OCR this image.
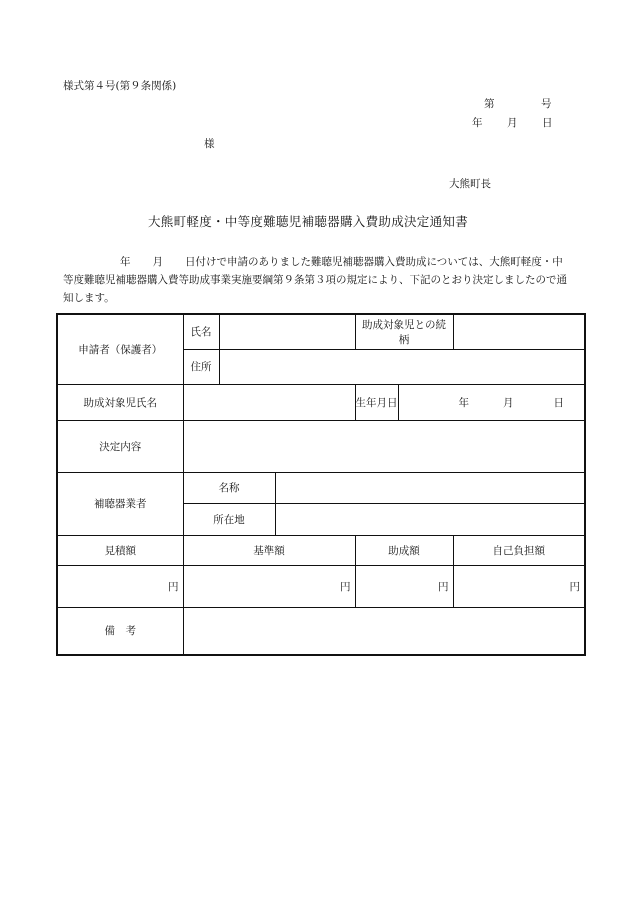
様式第４号(第９条関係)
第	号
年 月 日
様
大熊町長
大熊町軽度・中等度難聴児補聴器購入費助成決定通知書
年 月 日付けで申請のありました難聴児補聴器購入費助成については、大熊町軽度・中等度難聴児補聴器購入費等助成事業実施要綱第９条第３項の規定により、下記のとおり決定しましたので通知します。
申請者（保護者）	氏名			助成対象児との続柄		
	住所					
助成対象児氏名				生年月日	年 月 日	
決定内容						
補聴器業者	名称					
	所在地					
見積額	基準額			助成額		自己負担額
円	円			円		円
備　考						
